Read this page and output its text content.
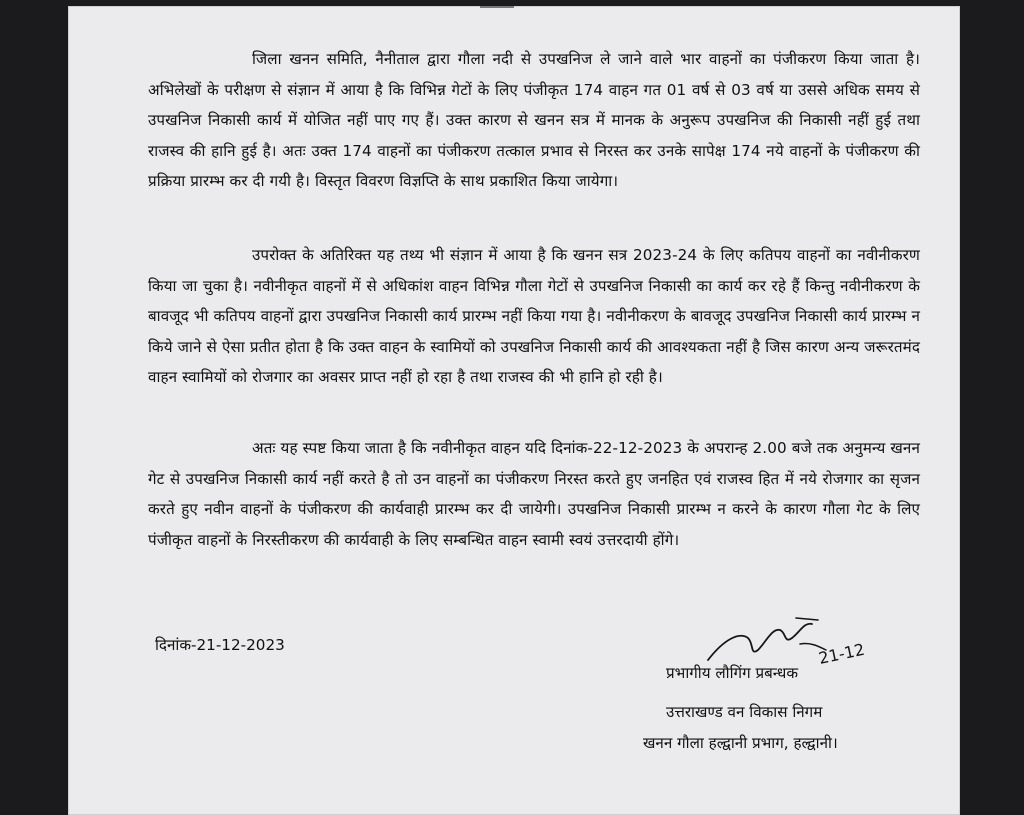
जिला खनन समिति, नैनीताल द्वारा गौला नदी से उपखनिज ले जाने वाले भार वाहनों का पंजीकरण किया जाता है। अभिलेखों के परीक्षण से संज्ञान में आया है कि विभिन्न गेटों के लिए पंजीकृत 174 वाहन गत 01 वर्ष से 03 वर्ष या उससे अधिक समय से उपखनिज निकासी कार्य में योजित नहीं पाए गए हैं। उक्त कारण से खनन सत्र में मानक के अनुरूप उपखनिज की निकासी नहीं हुई तथा राजस्व की हानि हुई है। अतः उक्त 174 वाहनों का पंजीकरण तत्काल प्रभाव से निरस्त कर उनके सापेक्ष 174 नये वाहनों के पंजीकरण की प्रक्रिया प्रारम्भ कर दी गयी है। विस्तृत विवरण विज्ञप्ति के साथ प्रकाशित किया जायेगा।

उपरोक्त के अतिरिक्त यह तथ्य भी संज्ञान में आया है कि खनन सत्र 2023-24 के लिए कतिपय वाहनों का नवीनीकरण किया जा चुका है। नवीनीकृत वाहनों में से अधिकांश वाहन विभिन्न गौला गेटों से उपखनिज निकासी का कार्य कर रहे हैं किन्तु नवीनीकरण के बावजूद भी कतिपय वाहनों द्वारा उपखनिज निकासी कार्य प्रारम्भ नहीं किया गया है। नवीनीकरण के बावजूद उपखनिज निकासी कार्य प्रारम्भ न किये जाने से ऐसा प्रतीत होता है कि उक्त वाहन के स्वामियों को उपखनिज निकासी कार्य की आवश्यकता नहीं है जिस कारण अन्य जरूरतमंद वाहन स्वामियों को रोजगार का अवसर प्राप्त नहीं हो रहा है तथा राजस्व की भी हानि हो रही है।

अतः यह स्पष्ट किया जाता है कि नवीनीकृत वाहन यदि दिनांक-22-12-2023 के अपरान्ह 2.00 बजे तक अनुमन्य खनन गेट से उपखनिज निकासी कार्य नहीं करते है तो उन वाहनों का पंजीकरण निरस्त करते हुए जनहित एवं राजस्व हित में नये रोजगार का सृजन करते हुए नवीन वाहनों के पंजीकरण की कार्यवाही प्रारम्भ कर दी जायेगी। उपखनिज निकासी प्रारम्भ न करने के कारण गौला गेट के लिए पंजीकृत वाहनों के निरस्तीकरण की कार्यवाही के लिए सम्बन्धित वाहन स्वामी स्वयं उत्तरदायी होंगे।

दिनांक-21-12-2023	21-12
प्रभागीय लौगिंग प्रबन्धक
उत्तराखण्ड वन विकास निगम
खनन गौला हल्द्वानी प्रभाग, हल्द्वानी।
